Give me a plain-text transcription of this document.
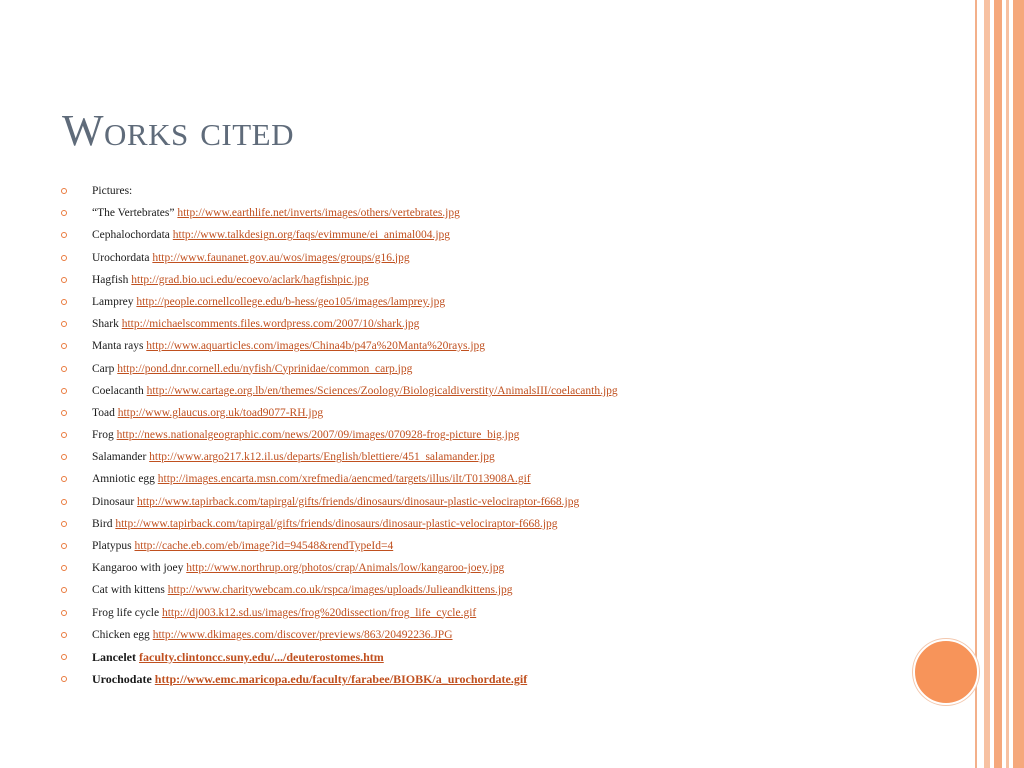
Works cited
Pictures:
“The Vertebrates” http://www.earthlife.net/inverts/images/others/vertebrates.jpg
Cephalochordata http://www.talkdesign.org/faqs/evimmune/ei_animal004.jpg
Urochordata http://www.faunanet.gov.au/wos/images/groups/g16.jpg
Hagfish http://grad.bio.uci.edu/ecoevo/aclark/hagfishpic.jpg
Lamprey http://people.cornellcollege.edu/b-hess/geo105/images/lamprey.jpg
Shark http://michaelscomments.files.wordpress.com/2007/10/shark.jpg
Manta rays http://www.aquarticles.com/images/China4b/p47a%20Manta%20rays.jpg
Carp http://pond.dnr.cornell.edu/nyfish/Cyprinidae/common_carp.jpg
Coelacanth http://www.cartage.org.lb/en/themes/Sciences/Zoology/Biologicaldiverstity/AnimalsIII/coelacanth.jpg
Toad http://www.glaucus.org.uk/toad9077-RH.jpg
Frog http://news.nationalgeographic.com/news/2007/09/images/070928-frog-picture_big.jpg
Salamander http://www.argo217.k12.il.us/departs/English/blettiere/451_salamander.jpg
Amniotic egg http://images.encarta.msn.com/xrefmedia/aencmed/targets/illus/ilt/T013908A.gif
Dinosaur http://www.tapirback.com/tapirgal/gifts/friends/dinosaurs/dinosaur-plastic-velociraptor-f668.jpg
Bird http://www.tapirback.com/tapirgal/gifts/friends/dinosaurs/dinosaur-plastic-velociraptor-f668.jpg
Platypus http://cache.eb.com/eb/image?id=94548&rendTypeId=4
Kangaroo with joey http://www.northrup.org/photos/crap/Animals/low/kangaroo-joey.jpg
Cat with kittens http://www.charitywebcam.co.uk/rspca/images/uploads/Julieandkittens.jpg
Frog life cycle http://dj003.k12.sd.us/images/frog%20dissection/frog_life_cycle.gif
Chicken egg http://www.dkimages.com/discover/previews/863/20492236.JPG
Lancelet faculty.clintoncc.suny.edu/.../deuterostomes.htm
Urochodate http://www.emc.maricopa.edu/faculty/farabee/BIOBK/a_urochordate.gif
